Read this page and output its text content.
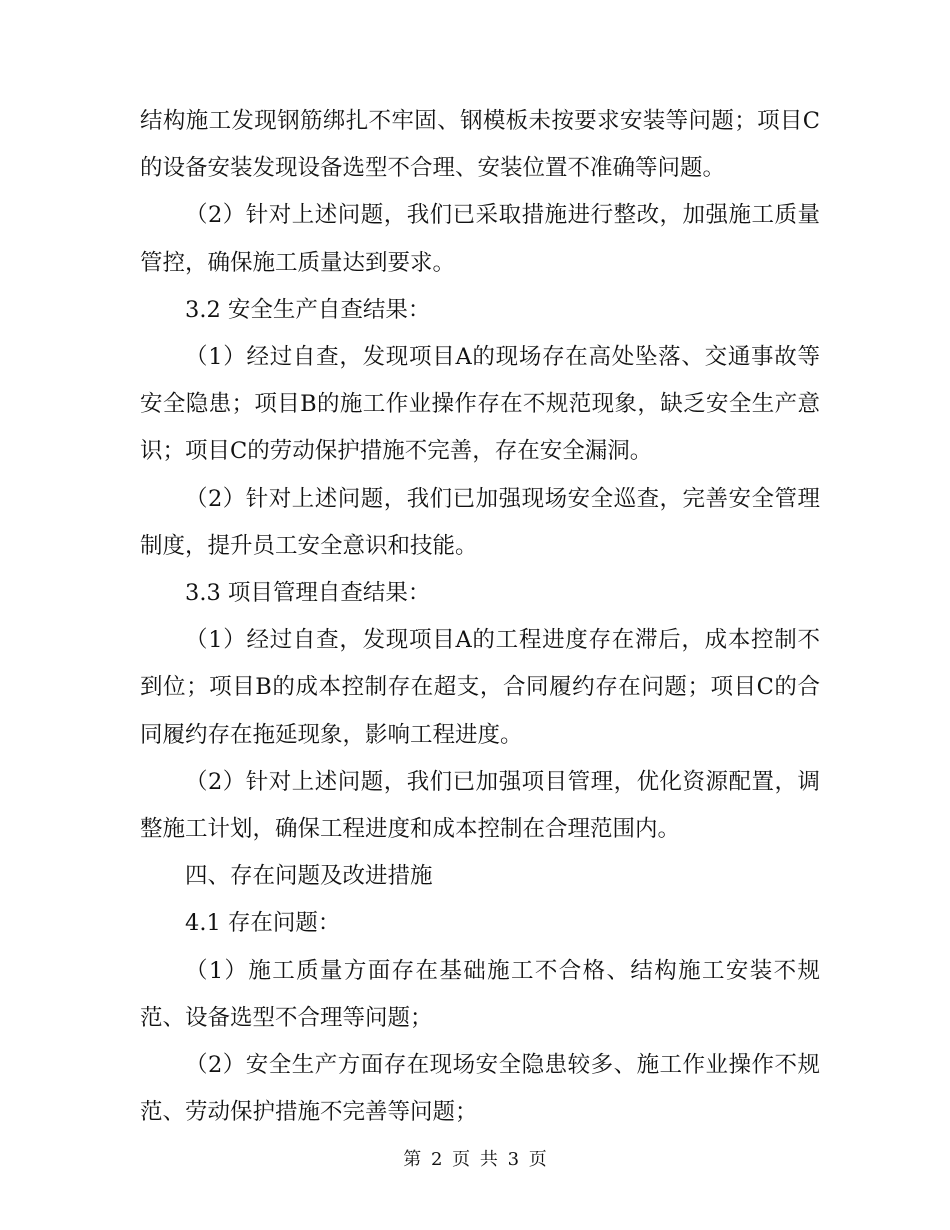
结构施工发现钢筋绑扎不牢固、钢模板未按要求安装等问题；项目C的设备安装发现设备选型不合理、安装位置不准确等问题。

（2）针对上述问题，我们已采取措施进行整改，加强施工质量管控，确保施工质量达到要求。

3.2 安全生产自查结果：

（1）经过自查，发现项目A的现场存在高处坠落、交通事故等安全隐患；项目B的施工作业操作存在不规范现象，缺乏安全生产意识；项目C的劳动保护措施不完善，存在安全漏洞。

（2）针对上述问题，我们已加强现场安全巡查，完善安全管理制度，提升员工安全意识和技能。

3.3 项目管理自查结果：

（1）经过自查，发现项目A的工程进度存在滞后，成本控制不到位；项目B的成本控制存在超支，合同履约存在问题；项目C的合同履约存在拖延现象，影响工程进度。

（2）针对上述问题，我们已加强项目管理，优化资源配置，调整施工计划，确保工程进度和成本控制在合理范围内。

四、存在问题及改进措施

4.1 存在问题：

（1）施工质量方面存在基础施工不合格、结构施工安装不规范、设备选型不合理等问题；

（2）安全生产方面存在现场安全隐患较多、施工作业操作不规范、劳动保护措施不完善等问题；

第 2 页 共 3 页
